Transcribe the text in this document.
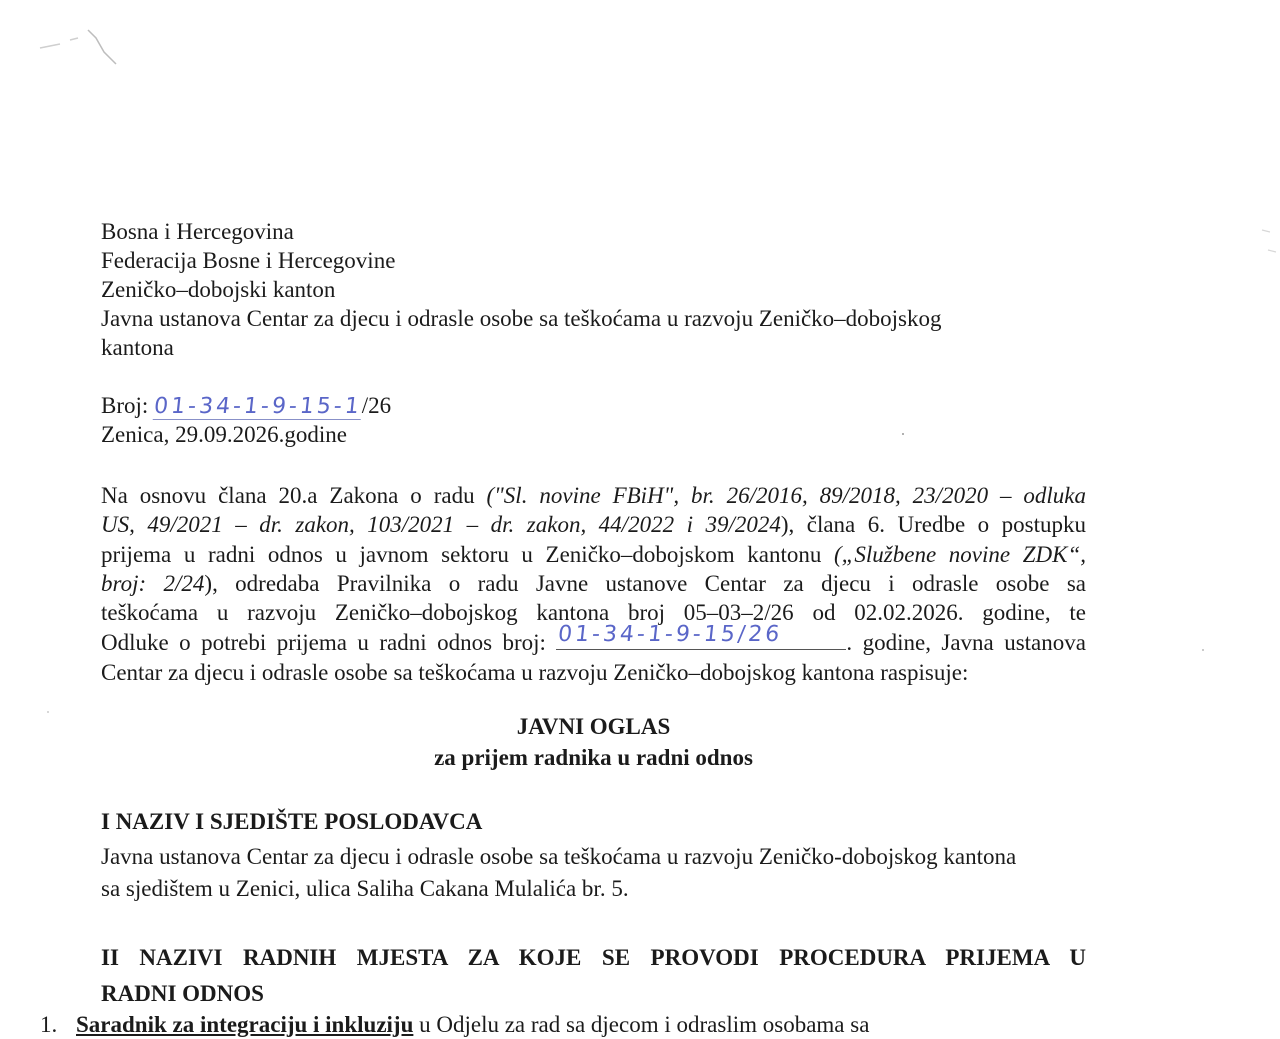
Bosna i Hercegovina
Federacija Bosne i Hercegovine
Zeničko–dobojski kanton
Javna ustanova Centar za djecu i odrasle osobe sa teškoćama u razvoju Zeničko–dobojskog
kantona
Broj: 01-34-1-9-15-1/26
Zenica, 29.09.2026.godine
Na osnovu člana 20.a Zakona o radu ("Sl. novine FBiH", br. 26/2016, 89/2018, 23/2020 – odluka
US, 49/2021 – dr. zakon, 103/2021 – dr. zakon, 44/2022 i 39/2024), člana 6. Uredbe o postupku
prijema u radni odnos u javnom sektoru u Zeničko–dobojskom kantonu („Službene novine ZDK“,
broj: 2/24), odredaba Pravilnika o radu Javne ustanove Centar za djecu i odrasle osobe sa
teškoćama u razvoju Zeničko–dobojskog kantona broj 05–03–2/26 od 02.02.2026. godine, te
Odluke o potrebi prijema u radni odnos broj: 01-34-1-9-15/26	. godine, Javna ustanova
Centar za djecu i odrasle osobe sa teškoćama u razvoju Zeničko–dobojskog kantona raspisuje:
JAVNI OGLAS
za prijem radnika u radni odnos
I NAZIV I SJEDIŠTE POSLODAVCA
Javna ustanova Centar za djecu i odrasle osobe sa teškoćama u razvoju Zeničko-dobojskog kantona
sa sjedištem u Zenici, ulica Saliha Cakana Mulalića br. 5.
II NAZIVI RADNIH MJESTA ZA KOJE SE PROVODI PROCEDURA PRIJEMA U
RADNI ODNOS
1. Saradnik za integraciju i inkluziju u Odjelu za rad sa djecom i odraslim osobama sa
